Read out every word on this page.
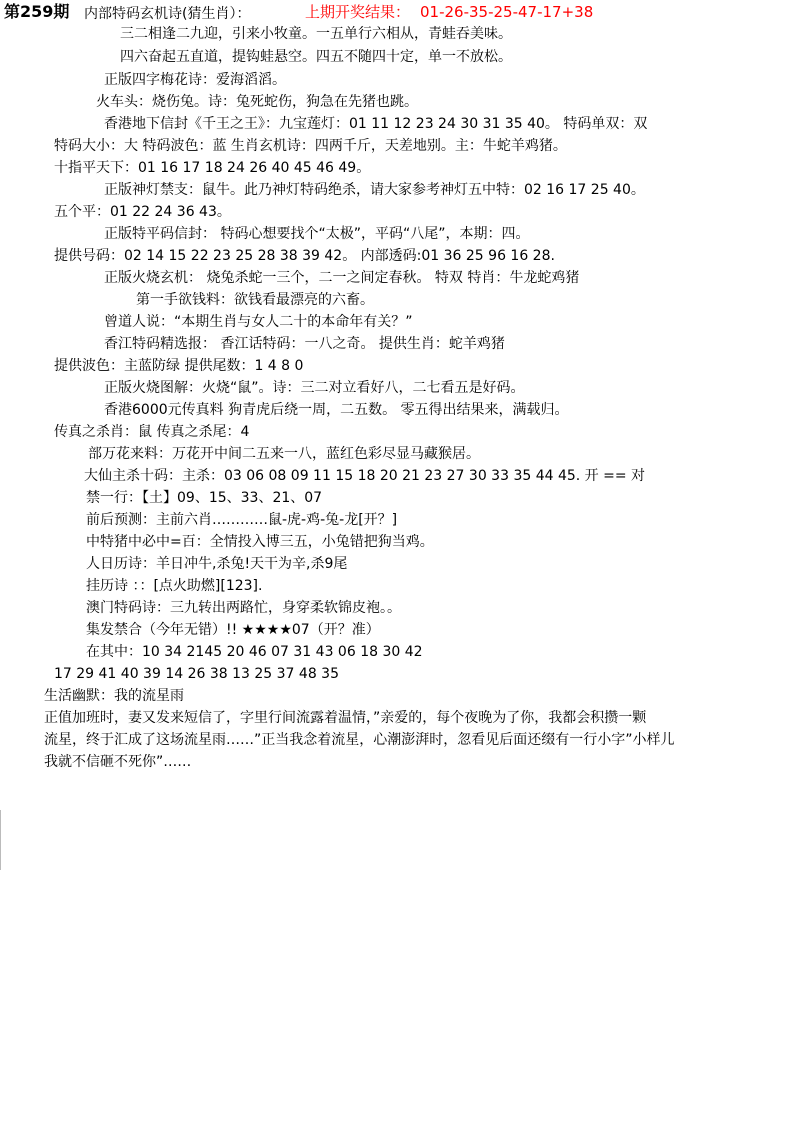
第259期 内部特码玄机诗(猜生肖）：	上期开奖结果： 01-26-35-25-47-17+38
三二相逢二九迎，引来小牧童。一五单行六相从，青蛙吞美味。
四六奋起五直道，提钩蛙悬空。四五不随四十定，单一不放松。
正版四字梅花诗：爱海滔滔。
火车头：烧伤兔。诗：兔死蛇伤，狗急在先猪也跳。
香港地下信封《千王之王》：九宝莲灯：01 11 12 23 24 30 31 35 40。 特码单双：双
特码大小：大 特码波色：蓝 生肖玄机诗：四两千斤，天差地别。主：牛蛇羊鸡猪。
十指平天下：01 16 17 18 24 26 40 45 46 49。
正版神灯禁支：鼠牛。此乃神灯特码绝杀，请大家参考神灯五中特：02 16 17 25 40。
五个平：01 22 24 36 43。
正版特平码信封： 特码心想要找个“太极”，平码“八尾”，本期：四。
提供号码：02 14 15 22 23 25 28 38 39 42。 内部透码:01 36 25 96 16 28.
正版火烧玄机： 烧兔杀蛇一三个，二一之间定春秋。 特双 特肖：牛龙蛇鸡猪
第一手欲钱料：欲钱看最漂亮的六畜。
曾道人说：“本期生肖与女人二十的本命年有关？”
香江特码精选报： 香江话特码：一八之奇。 提供生肖：蛇羊鸡猪
提供波色：主蓝防绿 提供尾数：1 4 8 0
正版火烧图解：火烧“鼠”。诗：三二对立看好八，二七看五是好码。
香港6000元传真料 狗青虎后绕一周，二五数。 零五得出结果来，满载归。
传真之杀肖：鼠 传真之杀尾：4
部万花来料：万花开中间二五来一八，蓝红色彩尽显马藏猴居。
大仙主杀十码：主杀：03 06 08 09 11 15 18 20 21 23 27 30 33 35 44 45. 开 == 对
禁一行：【土】09、15、33、21、07
前后预测：主前六肖…………鼠-虎-鸡-兔-龙[开？]
中特猪中必中=百：全情投入博三五，小兔错把狗当鸡。
人日历诗：羊日冲牛,杀兔!天干为辛,杀9尾
挂历诗 ：：[点火助燃][123].
澳门特码诗：三九转出两路忙，身穿柔软锦皮袍。。
集发禁合（今年无错）!! ★★★★07（开？准）
在其中：10 34 2145 20 46 07 31 43 06 18 30 42
17 29 41 40 39 14 26 38 13 25 37 48 35
生活幽默：我的流星雨
正值加班时，妻又发来短信了，字里行间流露着温情，”亲爱的，每个夜晚为了你，我都会积攒一颗
流星，终于汇成了这场流星雨……”正当我念着流星，心潮澎湃时，忽看见后面还缀有一行小字”小样儿
我就不信砸不死你”……
